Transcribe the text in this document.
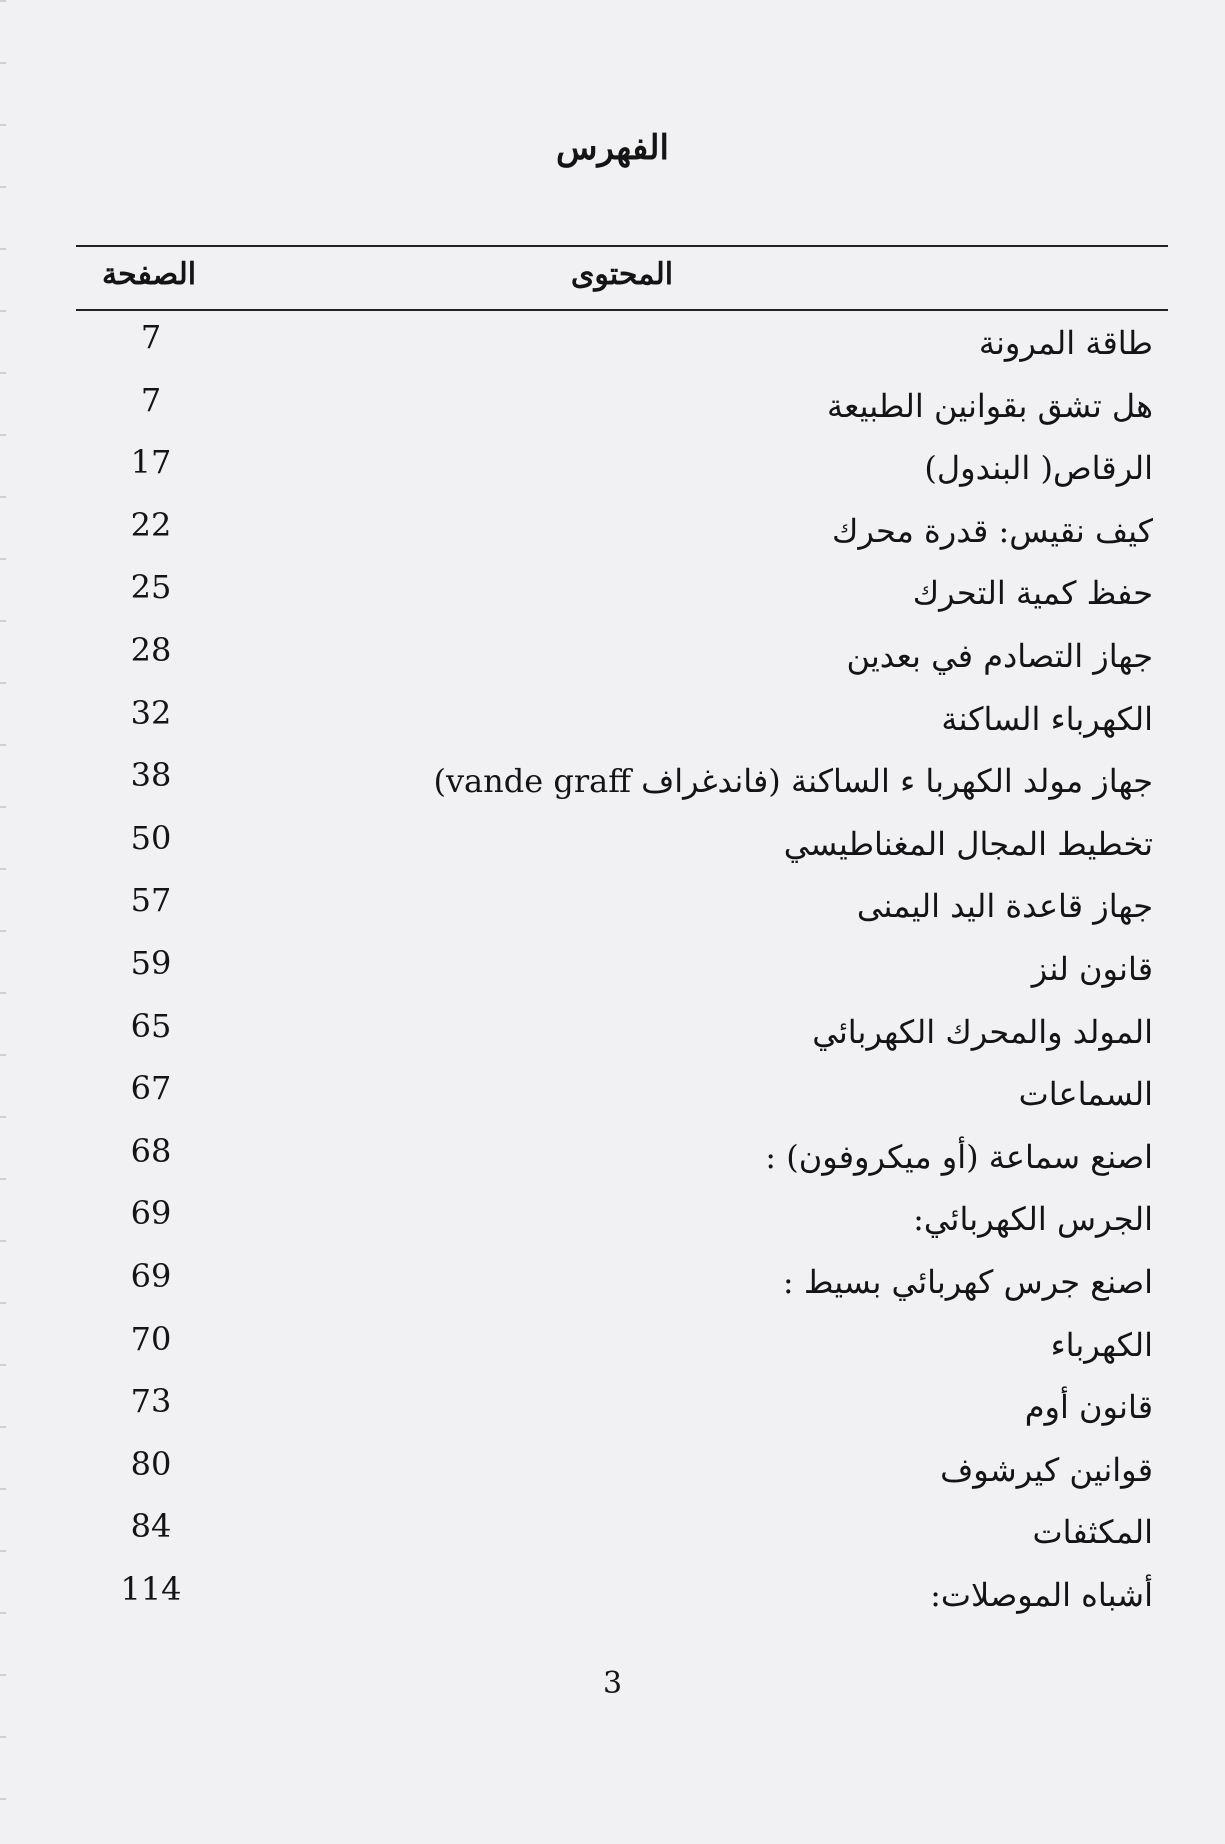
الفهرس
المحتوى
الصفحة
طاقة المرونة
7
هل تشق بقوانين الطبيعة
7
الرقاص( البندول)
17
كيف نقيس: قدرة محرك
22
حفظ كمية التحرك
25
جهاز التصادم في بعدين
28
الكهرباء الساكنة
32
جهاز مولد الكهربا ء الساكنة (فاندغراف vande graff)
38
تخطيط المجال المغناطيسي
50
جهاز قاعدة اليد اليمنى
57
قانون لنز
59
المولد والمحرك الكهربائي
65
السماعات
67
اصنع سماعة (أو ميكروفون) :
68
الجرس الكهربائي:
69
اصنع جرس كهربائي بسيط :
69
الكهرباء
70
قانون أوم
73
قوانين كيرشوف
80
المكثفات
84
أشباه الموصلات:
114
3
